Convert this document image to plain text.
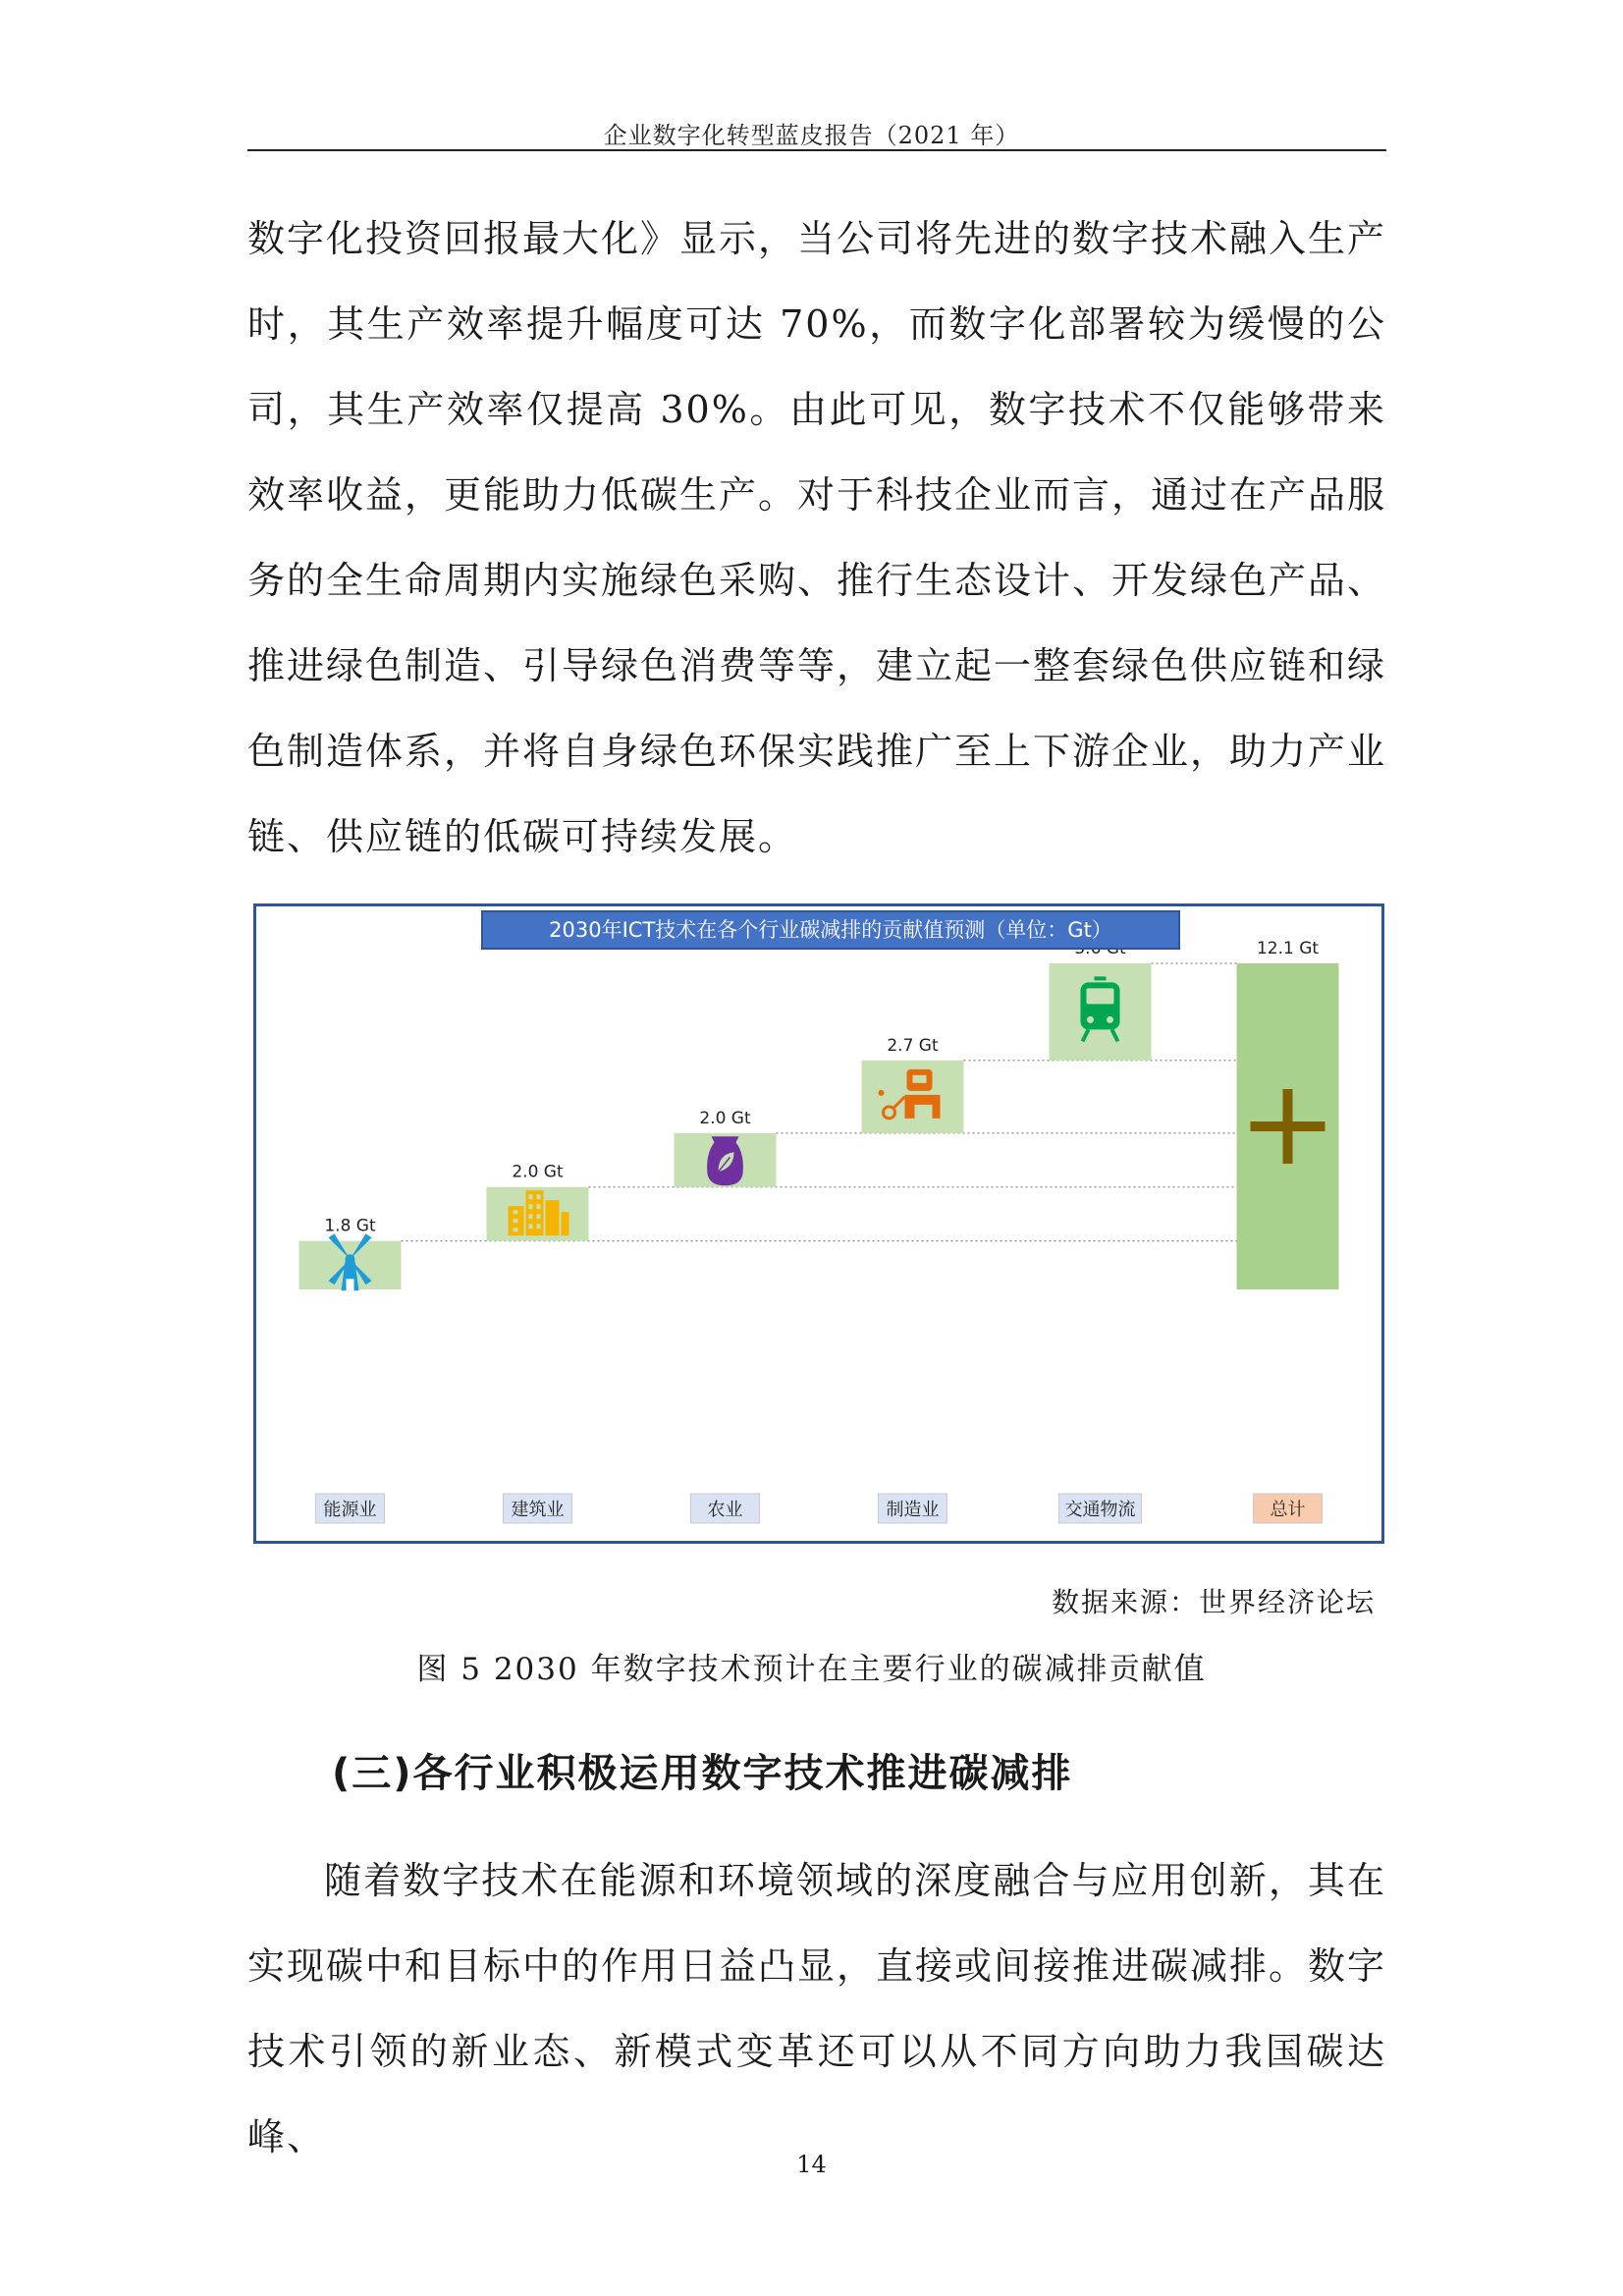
企业数字化转型蓝皮报告（2021 年）

数字化投资回报最大化》显示，当公司将先进的数字技术融入生产时，其生产效率提升幅度可达 70%，而数字化部署较为缓慢的公司，其生产效率仅提高 30%。由此可见，数字技术不仅能够带来效率收益，更能助力低碳生产。对于科技企业而言，通过在产品服务的全生命周期内实施绿色采购、推行生态设计、开发绿色产品、推进绿色制造、引导绿色消费等等，建立起一整套绿色供应链和绿色制造体系，并将自身绿色环保实践推广至上下游企业，助力产业链、供应链的低碳可持续发展。

1.8 Gt
2.0 Gt
2.0 Gt
2.7 Gt
12.1 Gt
能源业	建筑业	农业	制造业	交通物流	总计
2030年ICT技术在各个行业碳减排的贡献值预测（单位：Gt）
数据来源：世界经济论坛
图 5 2030 年数字技术预计在主要行业的碳减排贡献值
(三)各行业积极运用数字技术推进碳减排

随着数字技术在能源和环境领域的深度融合与应用创新，其在实现碳中和目标中的作用日益凸显，直接或间接推进碳减排。数字技术引领的新业态、新模式变革还可以从不同方向助力我国碳达峰、

14
